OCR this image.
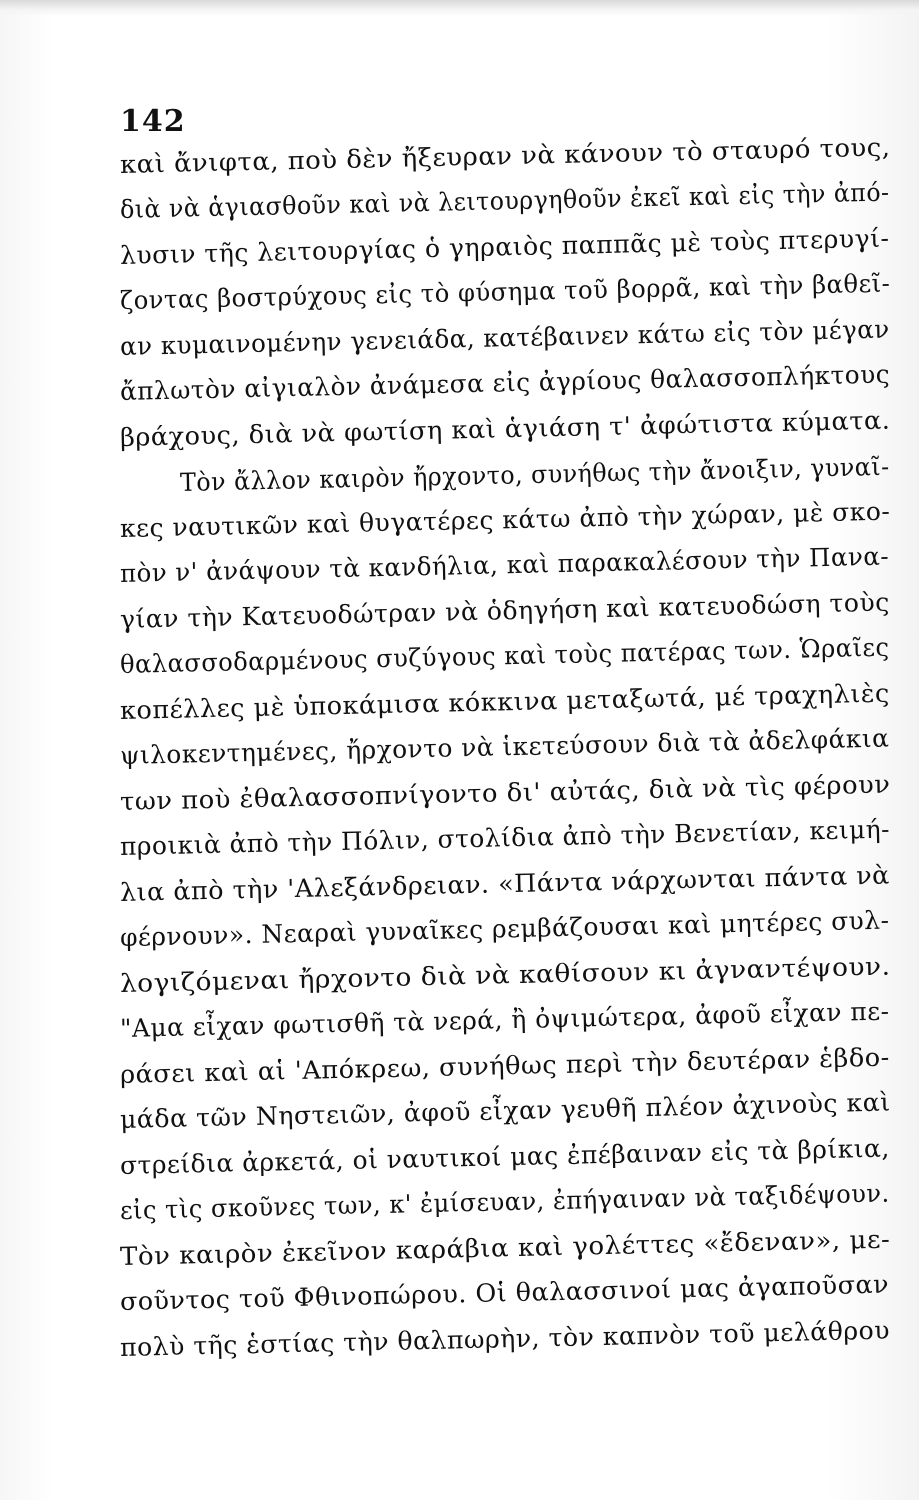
142
καὶ ἄνιφτα, ποὺ δὲν ἤξευραν νὰ κάνουν τὸ σταυρό τους,
διὰ νὰ ἁγιασθοῦν καὶ νὰ λειτουργηθοῦν ἐκεῖ καὶ εἰς τὴν ἀπό-
λυσιν τῆς λειτουργίας ὁ γηραιὸς παππᾶς μὲ τοὺς πτερυγί-
ζοντας βοστρύχους εἰς τὸ φύσημα τοῦ βορρᾶ, καὶ τὴν βαθεῖ-
αν κυμαινομένην γενειάδα, κατέβαινεν κάτω εἰς τὸν μέγαν
ἄπλωτὸν αἰγιαλὸν ἀνάμεσα εἰς ἀγρίους θαλασσοπλήκτους
βράχους, διὰ νὰ φωτίση καὶ ἁγιάση τ' ἀφώτιστα κύματα.
Τὸν ἄλλον καιρὸν ἤρχοντο, συνήθως τὴν ἄνοιξιν, γυναῖ-
κες ναυτικῶν καὶ θυγατέρες κάτω ἀπὸ τὴν χώραν, μὲ σκο-
πὸν ν' ἀνάψουν τὰ κανδήλια, καὶ παρακαλέσουν τὴν Πανα-
γίαν τὴν Κατευοδώτραν νὰ ὁδηγήση καὶ κατευοδώση τοὺς
θαλασσοδαρμένους συζύγους καὶ τοὺς πατέρας των. Ὡραῖες
κοπέλλες μὲ ὑποκάμισα κόκκινα μεταξωτά, μέ τραχηλιὲς
ψιλοκεντημένες, ἤρχοντο νὰ ἱκετεύσουν διὰ τὰ ἀδελφάκια
των ποὺ ἐθαλασσοπνίγοντο δι' αὐτάς, διὰ νὰ τὶς φέρουν
προικιὰ ἀπὸ τὴν Πόλιν, στολίδια ἀπὸ τὴν Βενετίαν, κειμή-
λια ἀπὸ τὴν 'Αλεξάνδρειαν. «Πάντα νάρχωνται πάντα νὰ
φέρνουν». Νεαραὶ γυναῖκες ρεμβάζουσαι καὶ μητέρες συλ-
λογιζόμεναι ἤρχοντο διὰ νὰ καθίσουν κι ἀγναντέψουν.
"Αμα εἶχαν φωτισθῆ τὰ νερά, ἢ ὀψιμώτερα, ἀφοῦ εἶχαν πε-
ράσει καὶ αἱ 'Απόκρεω, συνήθως περὶ τὴν δευτέραν ἑβδο-
μάδα τῶν Νηστειῶν, ἀφοῦ εἶχαν γευθῆ πλέον ἀχινοὺς καὶ
στρείδια ἀρκετά, οἱ ναυτικοί μας ἐπέβαιναν εἰς τὰ βρίκια,
εἰς τὶς σκοῦνες των, κ' ἐμίσευαν, ἐπήγαιναν νὰ ταξιδέψουν.
Τὸν καιρὸν ἐκεῖνον καράβια καὶ γολέττες «ἔδεναν», με-
σοῦντος τοῦ Φθινοπώρου. Οἱ θαλασσινοί μας ἀγαποῦσαν
πολὺ τῆς ἑστίας τὴν θαλπωρὴν, τὸν καπνὸν τοῦ μελάθρου
